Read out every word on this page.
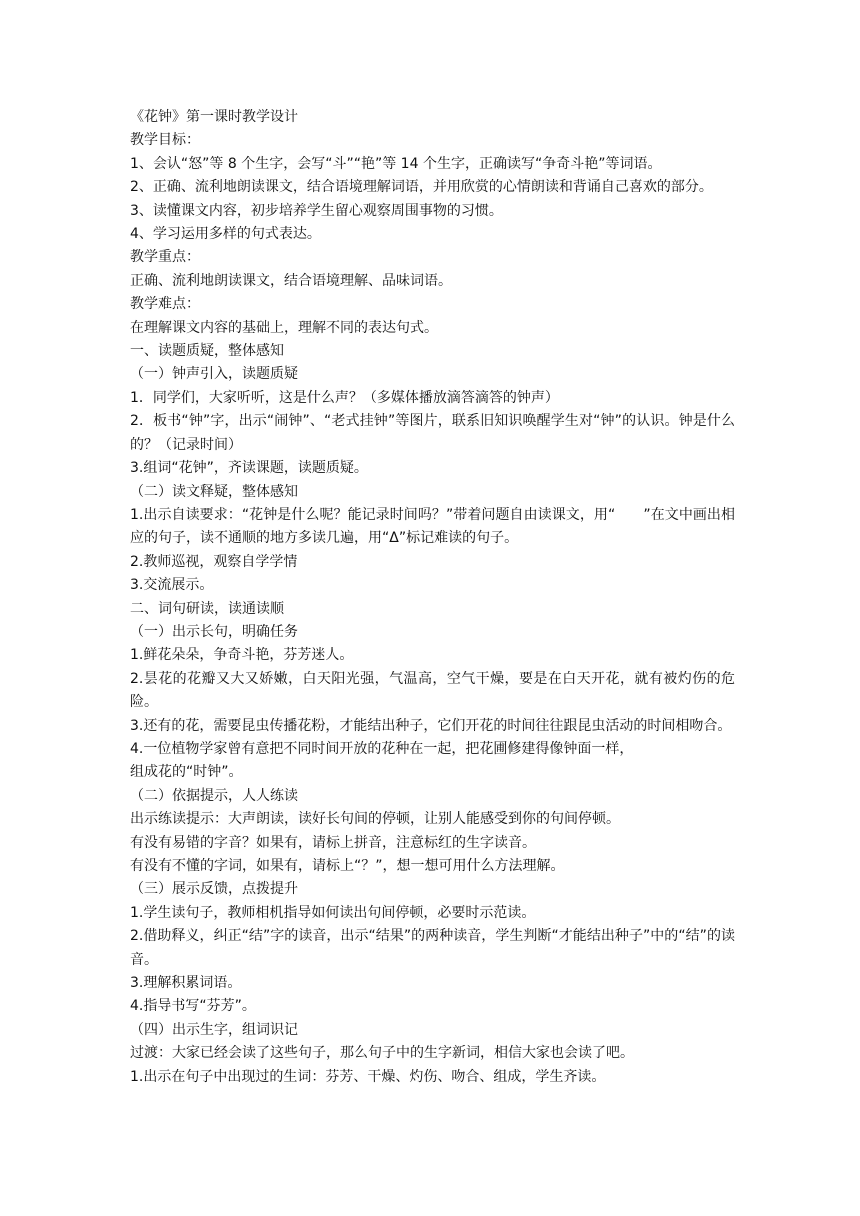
《花钟》第一课时教学设计
教学目标：
1、会认“怒”等 8 个生字，会写“斗”“艳”等 14 个生字，正确读写“争奇斗艳”等词语。
2、正确、流利地朗读课文，结合语境理解词语，并用欣赏的心情朗读和背诵自己喜欢的部分。
3、读懂课文内容，初步培养学生留心观察周围事物的习惯。
4、学习运用多样的句式表达。
教学重点：
正确、流利地朗读课文，结合语境理解、品味词语。
教学难点：
在理解课文内容的基础上，理解不同的表达句式。
一、读题质疑，整体感知
（一）钟声引入，读题质疑
1．同学们，大家听听，这是什么声？（多媒体播放滴答滴答的钟声）
2．板书“钟”字，出示“闹钟”、“老式挂钟”等图片，联系旧知识唤醒学生对“钟”的认识。钟是什么的？（记录时间）
3.组词“花钟”，齐读课题，读题质疑。
（二）读文释疑，整体感知
1.出示自读要求：“花钟是什么呢？能记录时间吗？”带着问题自由读课文，用“　　”在文中画出相应的句子，读不通顺的地方多读几遍，用“Δ”标记难读的句子。
2.教师巡视，观察自学学情
3.交流展示。
二、词句研读，读通读顺
（一）出示长句，明确任务
1.鲜花朵朵，争奇斗艳，芬芳迷人。
2.昙花的花瓣又大又娇嫩，白天阳光强，气温高，空气干燥，要是在白天开花，就有被灼伤的危险。
3.还有的花，需要昆虫传播花粉，才能结出种子，它们开花的时间往往跟昆虫活动的时间相吻合。
4.一位植物学家曾有意把不同时间开放的花种在一起，把花圃修建得像钟面一样，
组成花的“时钟”。
（二）依据提示，人人练读
出示练读提示：大声朗读，读好长句间的停顿，让别人能感受到你的句间停顿。
有没有易错的字音？如果有，请标上拼音，注意标红的生字读音。
有没有不懂的字词，如果有，请标上“？”，想一想可用什么方法理解。
（三）展示反馈，点拨提升
1.学生读句子，教师相机指导如何读出句间停顿，必要时示范读。
2.借助释义，纠正“结”字的读音，出示“结果”的两种读音，学生判断“才能结出种子”中的“结”的读音。
3.理解积累词语。
4.指导书写“芬芳”。
（四）出示生字，组词识记
过渡：大家已经会读了这些句子，那么句子中的生字新词，相信大家也会读了吧。
1.出示在句子中出现过的生词：芬芳、干燥、灼伤、吻合、组成，学生齐读。
